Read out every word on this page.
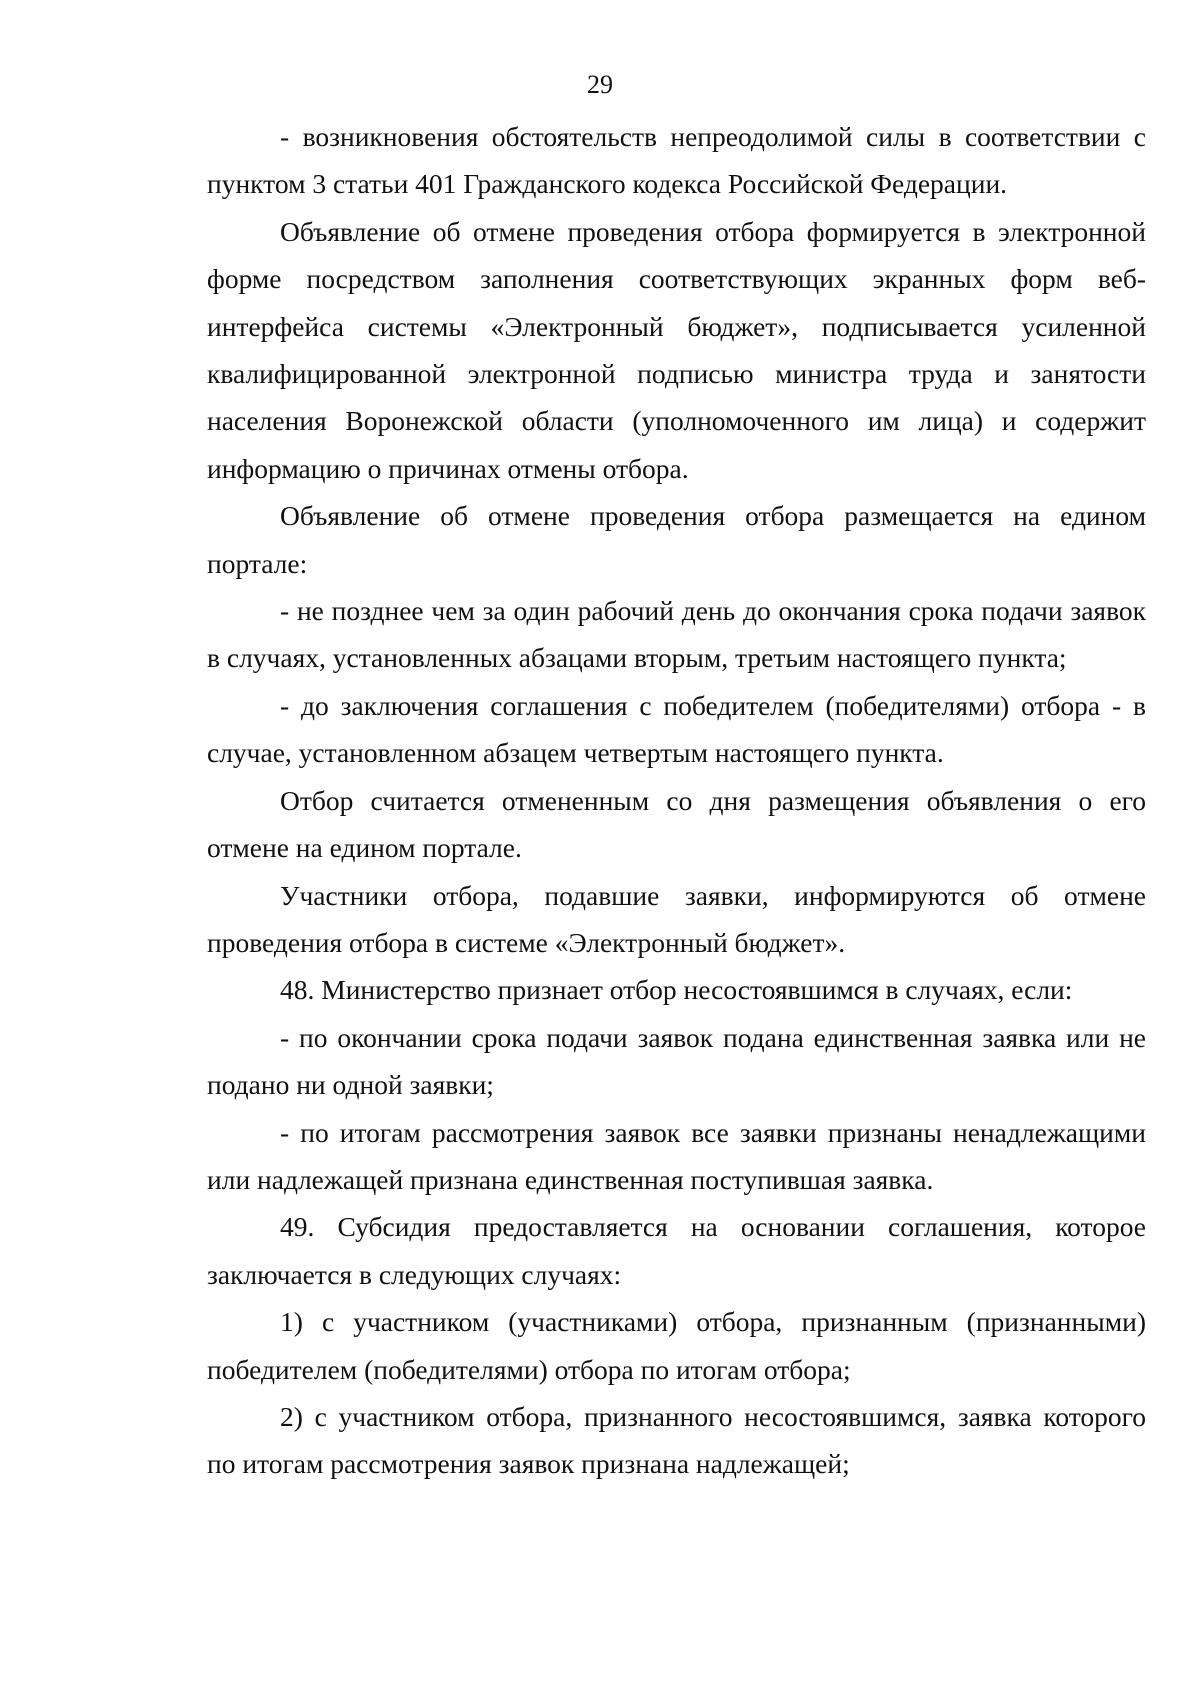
29

- возникновения обстоятельств непреодолимой силы в соответствии с пунктом 3 статьи 401 Гражданского кодекса Российской Федерации.

Объявление об отмене проведения отбора формируется в электронной форме посредством заполнения соответствующих экранных форм веб-интерфейса системы «Электронный бюджет», подписывается усиленной квалифицированной электронной подписью министра труда и занятости населения Воронежской области (уполномоченного им лица) и содержит информацию о причинах отмены отбора.

Объявление об отмене проведения отбора размещается на едином портале:

- не позднее чем за один рабочий день до окончания срока подачи заявок в случаях, установленных абзацами вторым, третьим настоящего пункта;

- до заключения соглашения с победителем (победителями) отбора - в случае, установленном абзацем четвертым настоящего пункта.

Отбор считается отмененным со дня размещения объявления о его отмене на едином портале.

Участники отбора, подавшие заявки, информируются об отмене проведения отбора в системе «Электронный бюджет».

48. Министерство признает отбор несостоявшимся в случаях, если:

- по окончании срока подачи заявок подана единственная заявка или не подано ни одной заявки;

- по итогам рассмотрения заявок все заявки признаны ненадлежащими или надлежащей признана единственная поступившая заявка.

49. Субсидия предоставляется на основании соглашения, которое заключается в следующих случаях:

1) с участником (участниками) отбора, признанным (признанными) победителем (победителями) отбора по итогам отбора;

2) с участником отбора, признанного несостоявшимся, заявка которого по итогам рассмотрения заявок признана надлежащей;
